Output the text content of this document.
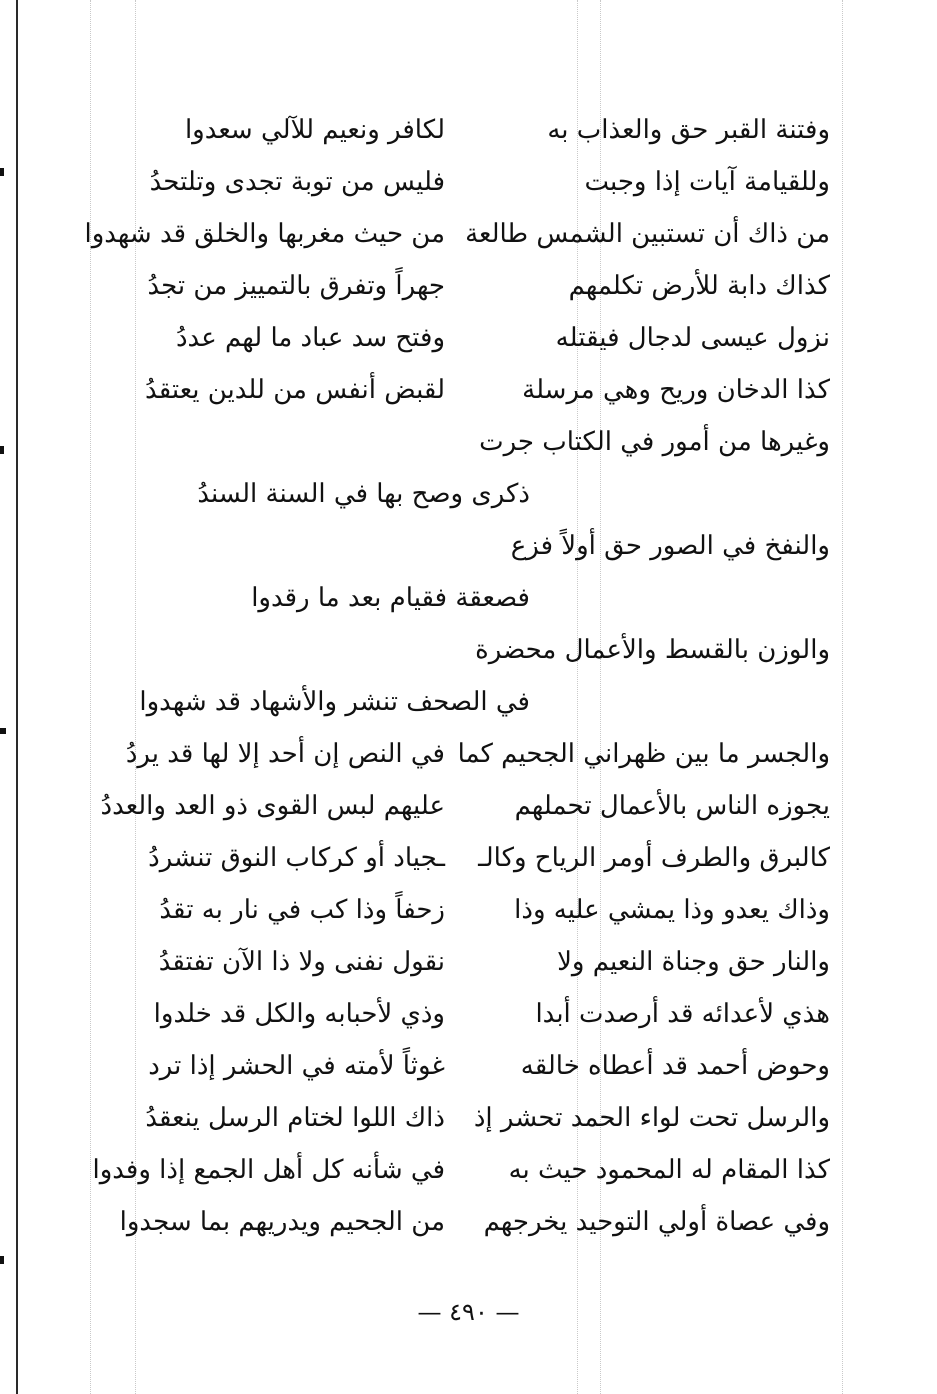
وفتنة القبر حق والعذاب به
لكافر ونعيم للآلي سعدوا
وللقيامة آيات إذا وجبت
فليس من توبة تجدى وتلتحدُ
من ذاك أن تستبين الشمس طالعة
من حيث مغربها والخلق قد شهدوا
كذاك دابة للأرض تكلمهم
جهراً وتفرق بالتمييز من تجدُ
نزول عيسى لدجال فيقتله
وفتح سد عباد ما لهم عددُ
كذا الدخان وريح وهي مرسلة
لقبض أنفس من للدين يعتقدُ
وغيرها من أمور في الكتاب جرت
ذكرى وصح بها في السنة السندُ
والنفخ في الصور حق أولاً فزع
فصعقة فقيام بعد ما رقدوا
والوزن بالقسط والأعمال محضرة
في الصحف تنشر والأشهاد قد شهدوا
والجسر ما بين ظهراني الجحيم كما
في النص إن أحد إلا لها قد يردُ
يجوزه الناس بالأعمال تحملهم
عليهم لبس القوى ذو العد والعددُ
كالبرق والطرف أومر الرياح وكالـ
ـجياد أو كركاب النوق تنشردُ
وذاك يعدو وذا يمشي عليه وذا
زحفاً وذا كب في نار به تقدُ
والنار حق وجناة النعيم ولا
نقول نفنى ولا ذا الآن تفتقدُ
هذي لأعدائه قد أرصدت أبدا
وذي لأحبابه والكل قد خلدوا
وحوض أحمد قد أعطاه خالقه
غوثاً لأمته في الحشر إذا ترد
والرسل تحت لواء الحمد تحشر إذ
ذاك اللوا لختام الرسل ينعقدُ
كذا المقام له المحمود حيث به
في شأنه كل أهل الجمع إذا وفدوا
وفي عصاة أولي التوحيد يخرجهم
من الجحيم ويدريهم بما سجدوا
— ٤٩٠ —
